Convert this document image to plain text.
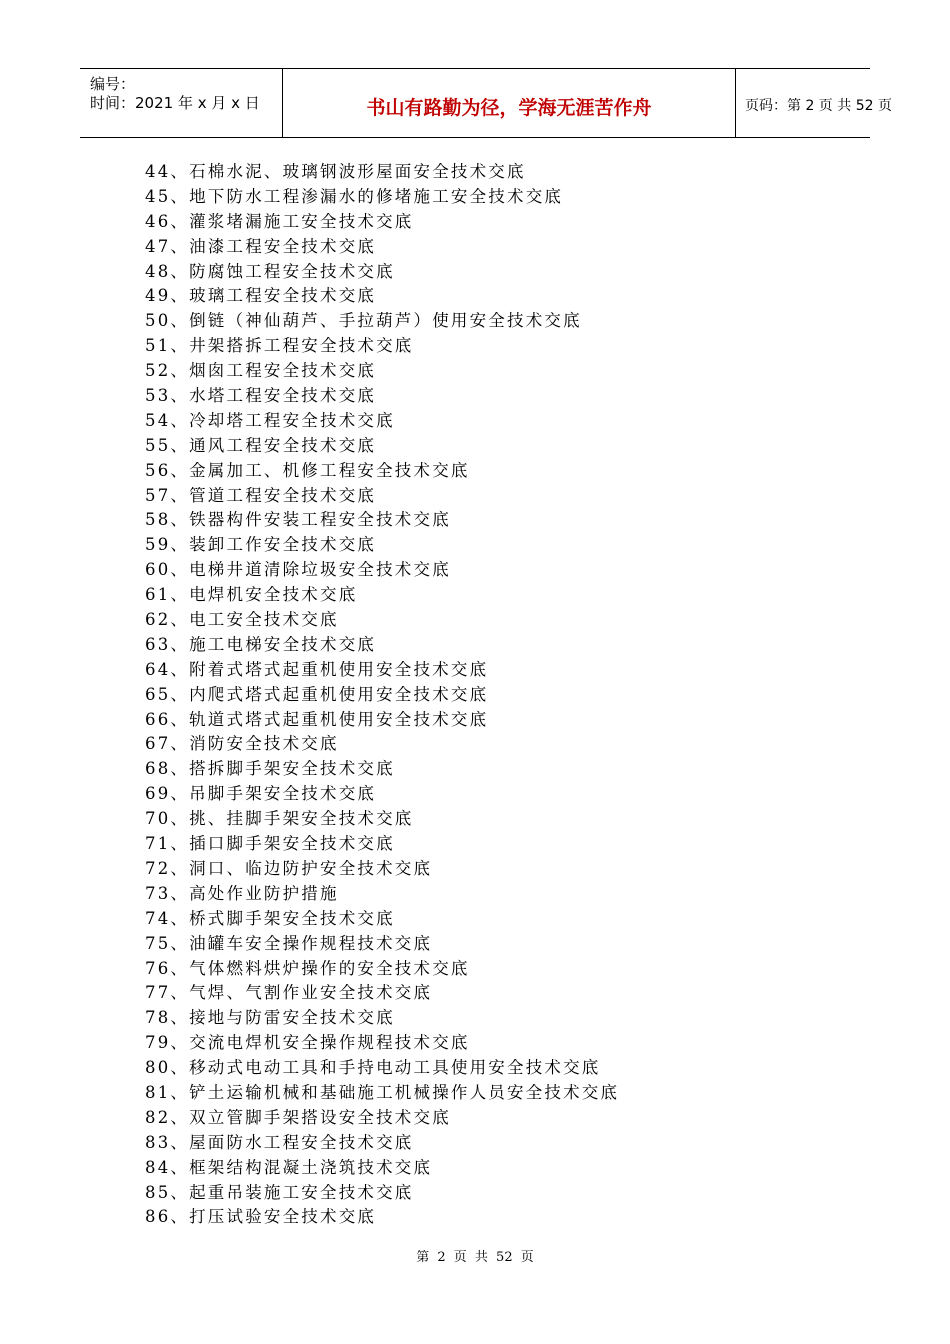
编号：
时间：2021 年 x 月 x 日	书山有路勤为径，学海无涯苦作舟	页码：第 2 页 共 52 页
44、石棉水泥、玻璃钢波形屋面安全技术交底
45、地下防水工程渗漏水的修堵施工安全技术交底
46、灌浆堵漏施工安全技术交底
47、油漆工程安全技术交底
48、防腐蚀工程安全技术交底
49、玻璃工程安全技术交底
50、倒链（神仙葫芦、手拉葫芦）使用安全技术交底
51、井架搭拆工程安全技术交底
52、烟囱工程安全技术交底
53、水塔工程安全技术交底
54、冷却塔工程安全技术交底
55、通风工程安全技术交底
56、金属加工、机修工程安全技术交底
57、管道工程安全技术交底
58、铁器构件安装工程安全技术交底
59、装卸工作安全技术交底
60、电梯井道清除垃圾安全技术交底
61、电焊机安全技术交底
62、电工安全技术交底
63、施工电梯安全技术交底
64、附着式塔式起重机使用安全技术交底
65、内爬式塔式起重机使用安全技术交底
66、轨道式塔式起重机使用安全技术交底
67、消防安全技术交底
68、搭拆脚手架安全技术交底
69、吊脚手架安全技术交底
70、挑、挂脚手架安全技术交底
71、插口脚手架安全技术交底
72、洞口、临边防护安全技术交底
73、高处作业防护措施
74、桥式脚手架安全技术交底
75、油罐车安全操作规程技术交底
76、气体燃料烘炉操作的安全技术交底
77、气焊、气割作业安全技术交底
78、接地与防雷安全技术交底
79、交流电焊机安全操作规程技术交底
80、移动式电动工具和手持电动工具使用安全技术交底
81、铲土运输机械和基础施工机械操作人员安全技术交底
82、双立管脚手架搭设安全技术交底
83、屋面防水工程安全技术交底
84、框架结构混凝土浇筑技术交底
85、起重吊装施工安全技术交底
86、打压试验安全技术交底
第 2 页 共 52 页
